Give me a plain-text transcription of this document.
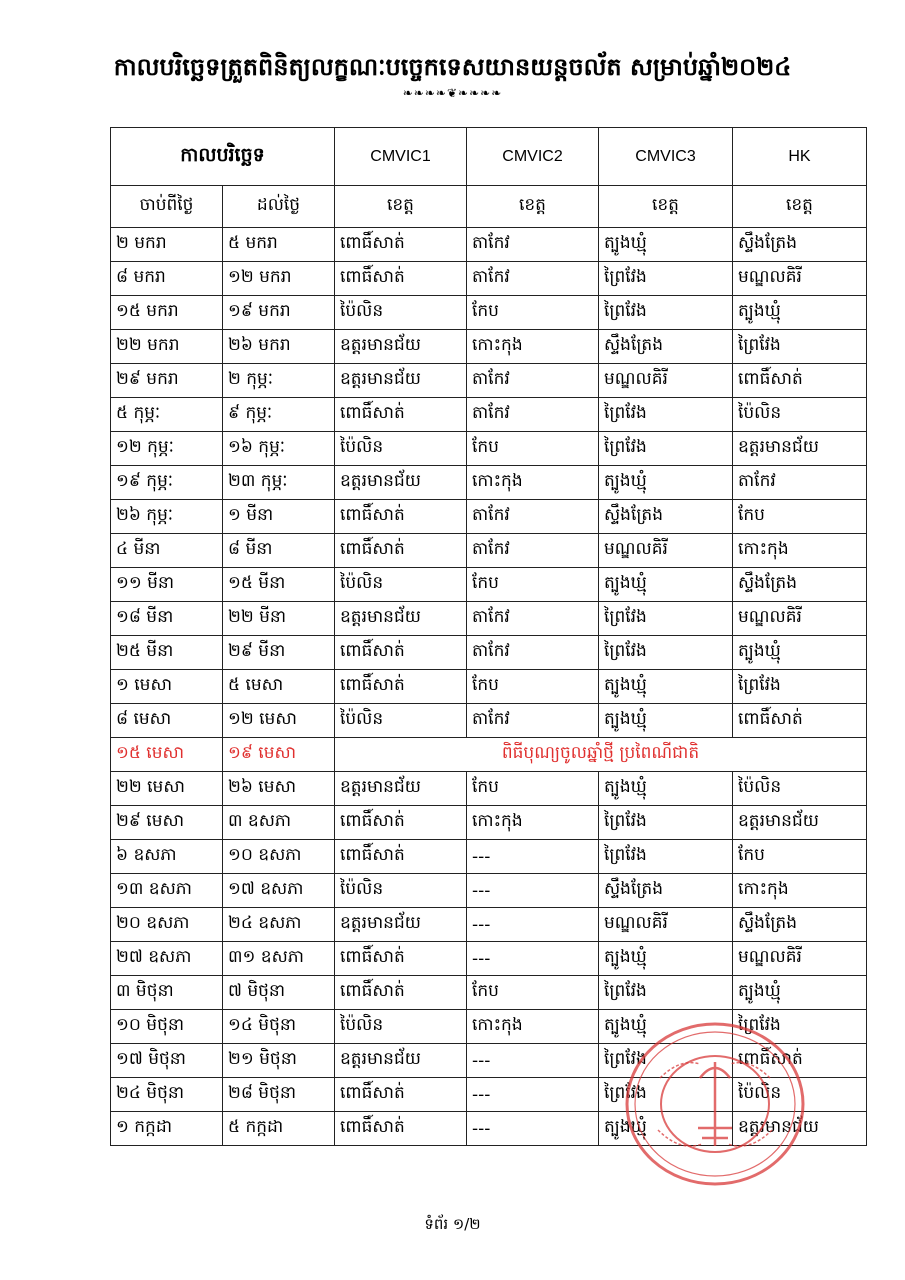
កាលបរិច្ឆេទត្រួតពិនិត្យលក្ខណៈបច្ចេកទេសយានយន្តចល័ត សម្រាប់ឆ្នាំ២០២៤
❧❧❧❧❦❧❧❧❧
កាលបរិច្ឆេទ		CMVIC1	CMVIC2	CMVIC3	HK
ចាប់ពីថ្ងៃ	ដល់ថ្ងៃ	ខេត្ត	ខេត្ត	ខេត្ត	ខេត្ត
២ មករា	៥ មករា	ពោធិ៍សាត់	តាកែវ	ត្បូងឃ្មុំ	ស្ទឹងត្រែង
៨ មករា	១២ មករា	ពោធិ៍សាត់	តាកែវ	ព្រៃវែង	មណ្ឌលគិរី
១៥ មករា	១៩ មករា	ប៉ៃលិន	កែប	ព្រៃវែង	ត្បូងឃ្មុំ
២២ មករា	២៦ មករា	ឧត្តរមានជ័យ	កោះកុង	ស្ទឹងត្រែង	ព្រៃវែង
២៩ មករា	២ កុម្ភៈ	ឧត្តរមានជ័យ	តាកែវ	មណ្ឌលគិរី	ពោធិ៍សាត់
៥ កុម្ភៈ	៩ កុម្ភៈ	ពោធិ៍សាត់	តាកែវ	ព្រៃវែង	ប៉ៃលិន
១២ កុម្ភៈ	១៦ កុម្ភៈ	ប៉ៃលិន	កែប	ព្រៃវែង	ឧត្តរមានជ័យ
១៩ កុម្ភៈ	២៣ កុម្ភៈ	ឧត្តរមានជ័យ	កោះកុង	ត្បូងឃ្មុំ	តាកែវ
២៦ កុម្ភៈ	១ មីនា	ពោធិ៍សាត់	តាកែវ	ស្ទឹងត្រែង	កែប
៤ មីនា	៨ មីនា	ពោធិ៍សាត់	តាកែវ	មណ្ឌលគិរី	កោះកុង
១១ មីនា	១៥ មីនា	ប៉ៃលិន	កែប	ត្បូងឃ្មុំ	ស្ទឹងត្រែង
១៨ មីនា	២២ មីនា	ឧត្តរមានជ័យ	តាកែវ	ព្រៃវែង	មណ្ឌលគិរី
២៥ មីនា	២៩ មីនា	ពោធិ៍សាត់	តាកែវ	ព្រៃវែង	ត្បូងឃ្មុំ
១ មេសា	៥ មេសា	ពោធិ៍សាត់	កែប	ត្បូងឃ្មុំ	ព្រៃវែង
៨ មេសា	១២ មេសា	ប៉ៃលិន	តាកែវ	ត្បូងឃ្មុំ	ពោធិ៍សាត់
១៥ មេសា	១៩ មេសា	ពិធីបុណ្យចូលឆ្នាំថ្មី ប្រពៃណីជាតិ			
២២ មេសា	២៦ មេសា	ឧត្តរមានជ័យ	កែប	ត្បូងឃ្មុំ	ប៉ៃលិន
២៩ មេសា	៣ ឧសភា	ពោធិ៍សាត់	កោះកុង	ព្រៃវែង	ឧត្តរមានជ័យ
៦ ឧសភា	១០ ឧសភា	ពោធិ៍សាត់	---	ព្រៃវែង	កែប
១៣ ឧសភា	១៧ ឧសភា	ប៉ៃលិន	---	ស្ទឹងត្រែង	កោះកុង
២០ ឧសភា	២៤ ឧសភា	ឧត្តរមានជ័យ	---	មណ្ឌលគិរី	ស្ទឹងត្រែង
២៧ ឧសភា	៣១ ឧសភា	ពោធិ៍សាត់	---	ត្បូងឃ្មុំ	មណ្ឌលគិរី
៣ មិថុនា	៧ មិថុនា	ពោធិ៍សាត់	កែប	ព្រៃវែង	ត្បូងឃ្មុំ
១០ មិថុនា	១៤ មិថុនា	ប៉ៃលិន	កោះកុង	ត្បូងឃ្មុំ	ព្រៃវែង
១៧ មិថុនា	២១ មិថុនា	ឧត្តរមានជ័យ	---	ព្រៃវែង	ពោធិ៍សាត់
២៤ មិថុនា	២៨ មិថុនា	ពោធិ៍សាត់	---	ព្រៃវែង	ប៉ៃលិន
១ កក្កដា	៥ កក្កដា	ពោធិ៍សាត់	---	ត្បូងឃ្មុំ	ឧត្តរមានជ័យ
ទំព័រ ១/២
